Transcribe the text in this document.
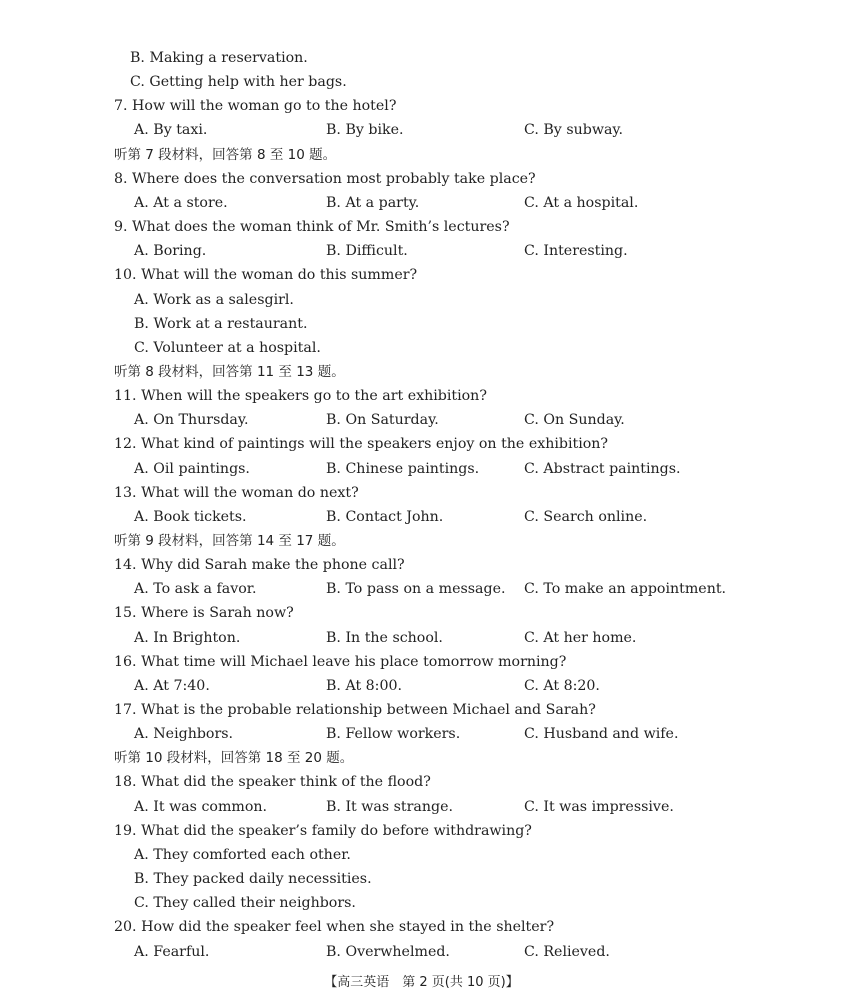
B. Making a reservation.
C. Getting help with her bags.
7. How will the woman go to the hotel?
A. By taxi.	B. By bike.	C. By subway.
听第 7 段材料，回答第 8 至 10 题。
8. Where does the conversation most probably take place?
A. At a store.	B. At a party.	C. At a hospital.
9. What does the woman think of Mr. Smith’s lectures?
A. Boring.	B. Difficult.	C. Interesting.
10. What will the woman do this summer?
A. Work as a salesgirl.
B. Work at a restaurant.
C. Volunteer at a hospital.
听第 8 段材料，回答第 11 至 13 题。
11. When will the speakers go to the art exhibition?
A. On Thursday.	B. On Saturday.	C. On Sunday.
12. What kind of paintings will the speakers enjoy on the exhibition?
A. Oil paintings.	B. Chinese paintings.	C. Abstract paintings.
13. What will the woman do next?
A. Book tickets.	B. Contact John.	C. Search online.
听第 9 段材料，回答第 14 至 17 题。
14. Why did Sarah make the phone call?
A. To ask a favor.	B. To pass on a message. C. To make an appointment.
15. Where is Sarah now?
A. In Brighton.	B. In the school.	C. At her home.
16. What time will Michael leave his place tomorrow morning?
A. At 7:40.	B. At 8:00.	C. At 8:20.
17. What is the probable relationship between Michael and Sarah?
A. Neighbors.	B. Fellow workers.	C. Husband and wife.
听第 10 段材料，回答第 18 至 20 题。
18. What did the speaker think of the flood?
A. It was common.	B. It was strange.	C. It was impressive.
19. What did the speaker’s family do before withdrawing?
A. They comforted each other.
B. They packed daily necessities.
C. They called their neighbors.
20. How did the speaker feel when she stayed in the shelter?
A. Fearful.	B. Overwhelmed.	C. Relieved.
【高三英语　第 2 页(共 10 页)】
